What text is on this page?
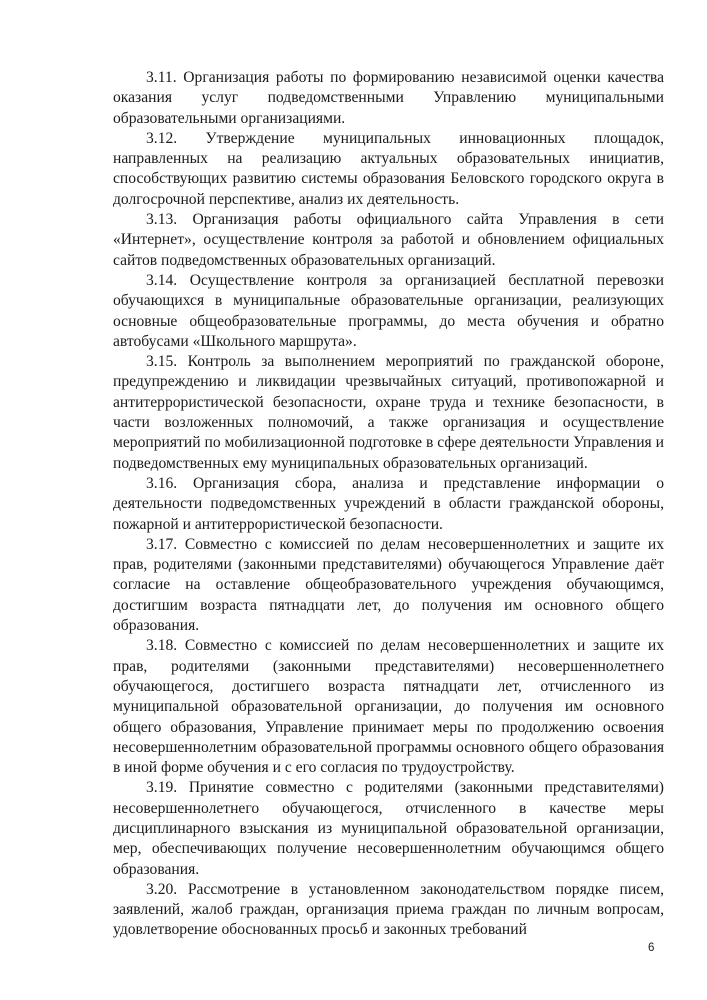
3.11. Организация работы по формированию независимой оценки качества оказания услуг подведомственными Управлению муниципальными образовательными организациями.

3.12. Утверждение муниципальных инновационных площадок, направленных на реализацию актуальных образовательных инициатив, способствующих развитию системы образования Беловского городского округа в долгосрочной перспективе, анализ их деятельность.

3.13. Организация работы официального сайта Управления в сети «Интернет», осуществление контроля за работой и обновлением официальных сайтов подведомственных образовательных организаций.

3.14. Осуществление контроля за организацией бесплатной перевозки обучающихся в муниципальные образовательные организации, реализующих основные общеобразовательные программы, до места обучения и обратно автобусами «Школьного маршрута».

3.15. Контроль за выполнением мероприятий по гражданской обороне, предупреждению и ликвидации чрезвычайных ситуаций, противопожарной и антитеррористической безопасности, охране труда и технике безопасности, в части возложенных полномочий, а также организация и осуществление мероприятий по мобилизационной подготовке в сфере деятельности Управления и подведомственных ему муниципальных образовательных организаций.

3.16. Организация сбора, анализа и представление информации о деятельности подведомственных учреждений в области гражданской обороны, пожарной и антитеррористической безопасности.

3.17. Совместно с комиссией по делам несовершеннолетних и защите их прав, родителями (законными представителями) обучающегося Управление даёт согласие на оставление общеобразовательного учреждения обучающимся, достигшим возраста пятнадцати лет, до получения им основного общего образования.

3.18. Совместно с комиссией по делам несовершеннолетних и защите их прав, родителями (законными представителями) несовершеннолетнего обучающегося, достигшего возраста пятнадцати лет, отчисленного из муниципальной образовательной организации, до получения им основного общего образования, Управление принимает меры по продолжению освоения несовершеннолетним образовательной программы основного общего образования в иной форме обучения и с его согласия по трудоустройству.

3.19. Принятие совместно с родителями (законными представителями) несовершеннолетнего обучающегося, отчисленного в качестве меры дисциплинарного взыскания из муниципальной образовательной организации, мер, обеспечивающих получение несовершеннолетним обучающимся общего образования.

3.20. Рассмотрение в установленном законодательством порядке писем, заявлений, жалоб граждан, организация приема граждан по личным вопросам, удовлетворение обоснованных просьб и законных требований

6
